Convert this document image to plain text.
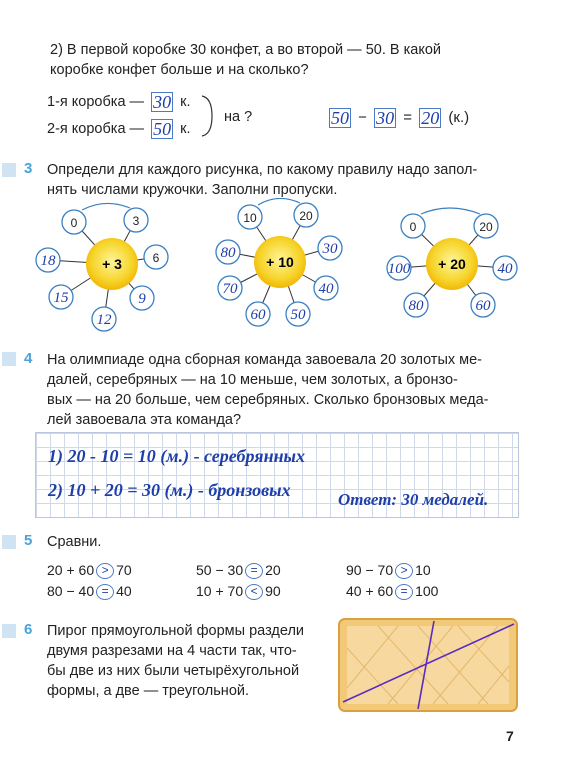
2) В первой коробке 30 конфет, а во второй — 50. В какой
коробке конфет больше и на сколько?
1-я коробка — 30 к.
2-я коробка — 50 к.
на ?	50 − 30 = 20 (к.)
3 Определи для каждого рисунка, по какому правилу надо запол-
нять числами кружочки. Заполни пропуски.
+ 3
0	3
6
9
12
15
18	+ 10
10	20
30
40
50
60
70
80
+ 20
0	20
40
60
80
100
4 На олимпиаде одна сборная команда завоевала 20 золотых ме-
далей, серебряных — на 10 меньше, чем золотых, а бронзо-
вых — на 20 больше, чем серебряных. Сколько бронзовых меда-
лей завоевала эта команда?
1) 20 - 10 = 10 (м.) - серебрянных
2) 10 + 20 = 30 (м.) - бронзовых	Ответ: 30 медалей.
5 Сравни.
20 + 60 > 70	50 − 30 = 20	90 − 70 > 10
80 − 40 = 40	10 + 70 < 90	40 + 60 = 100
6 Пирог прямоугольной формы раздели
двумя разрезами на 4 части так, что-
бы две из них были четырёхугольной
формы, а две — треугольной.
7
